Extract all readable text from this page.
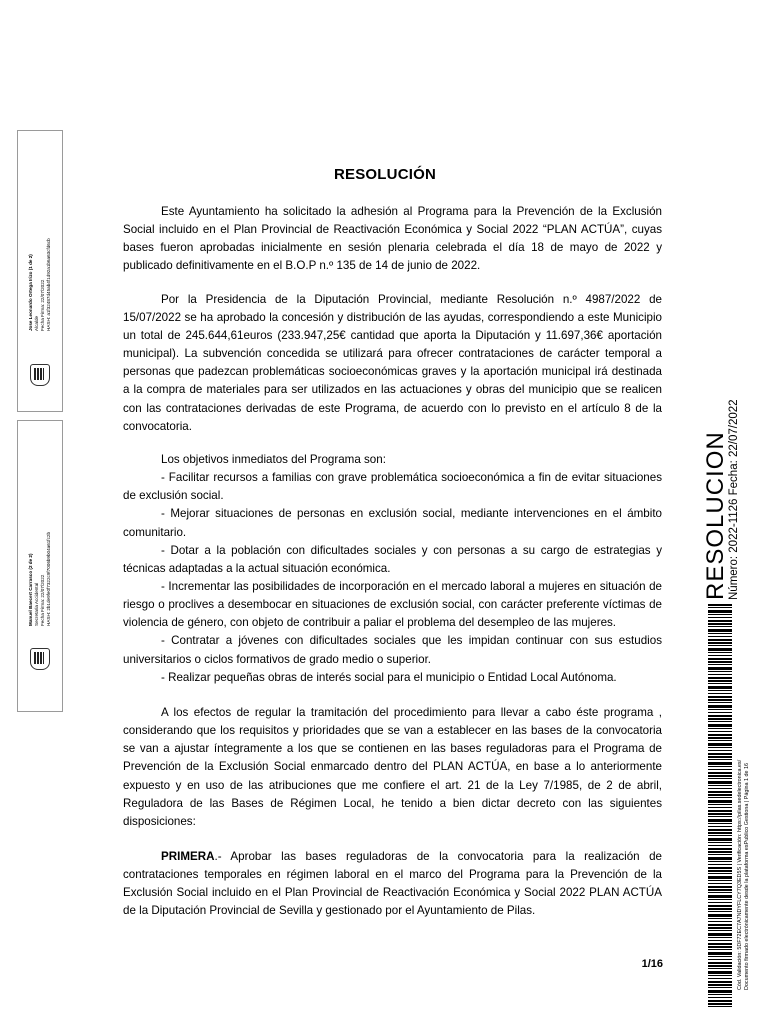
Jose Leonardo Ortega Irizo (1 de 2) Alcalde Fecha Firma: 22/07/2022 HASH: a1f32487d45ab4f1d92a1b6a63cfd6cb
Manuel Baecert Carrasco (2 de 2) Secretaria Accidental Fecha Firma: 22/07/2022 HASH: 2b1de9fe0f7322c9f7006b9b04a61fc2b
RESOLUCIÓN

Este Ayuntamiento ha solicitado la adhesión al Programa para la Prevención de la Exclusión Social incluido en el Plan Provincial de Reactivación Económica y Social 2022 “PLAN ACTÚA”, cuyas bases fueron aprobadas inicialmente en sesión plenaria celebrada el día 18 de mayo de 2022 y publicado definitivamente en el B.O.P n.º 135 de 14 de junio de 2022.

Por la Presidencia de la Diputación Provincial, mediante Resolución n.º 4987/2022 de 15/07/2022 se ha aprobado la concesión y distribución de las ayudas, correspondiendo a este Municipio un total de 245.644,61euros (233.947,25€ cantidad que aporta la Diputación y 11.697,36€ aportación municipal). La subvención concedida se utilizará para ofrecer contrataciones de carácter temporal a personas que padezcan problemáticas socioeconómicas graves y la aportación municipal irá destinada a la compra de materiales para ser utilizados en las actuaciones y obras del municipio que se realicen con las contrataciones derivadas de este Programa, de acuerdo con lo previsto en el artículo 8 de la convocatoria.

Los objetivos inmediatos del Programa son:

- Facilitar recursos a familias con grave problemática socioeconómica a fin de evitar situaciones de exclusión social.

- Mejorar situaciones de personas en exclusión social, mediante intervenciones en el ámbito comunitario.

- Dotar a la población con dificultades sociales y con personas a su cargo de estrategias y técnicas adaptadas a la actual situación económica.

- Incrementar las posibilidades de incorporación en el mercado laboral a mujeres en situación de riesgo o proclives a desembocar en situaciones de exclusión social, con carácter preferente víctimas de violencia de género, con objeto de contribuir a paliar el problema del desempleo de las mujeres.

- Contratar a jóvenes con dificultades sociales que les impidan continuar con sus estudios universitarios o ciclos formativos de grado medio o superior.

- Realizar pequeñas obras de interés social para el municipio o Entidad Local Autónoma.

A los efectos de regular la tramitación del procedimiento para llevar a cabo éste programa , considerando que los requisitos y prioridades que se van a establecer en las bases de la convocatoria se van a ajustar íntegramente a los que se contienen en las bases reguladoras para el Programa de Prevención de la Exclusión Social enmarcado dentro del PLAN ACTÚA, en base a lo anteriormente expuesto y en uso de las atribuciones que me confiere el art. 21 de la Ley 7/1985, de 2 de abril, Reguladora de las Bases de Régimen Local, he tenido a bien dictar decreto con las siguientes disposiciones:

PRIMERA.- Aprobar las bases reguladoras de la convocatoria para la realización de contrataciones temporales en régimen laboral en el marco del Programa para la Prevención de la Exclusión Social incluido en el Plan Provincial de Reactivación Económica y Social 2022 PLAN ACTÚA de la Diputación Provincial de Sevilla y gestionado por el Ayuntamiento de Pilas.

1/16
RESOLUCION Número: 2022-1126 Fecha: 22/07/2022
Cód. Validación: 5DF72EC7A7NDYFLCY7Q3ED5S | Verificación: https://pilas.sedelectronica.es/ Documento firmado electrónicamente desde la plataforma esPublico Gestiona | Página 1 de 16
